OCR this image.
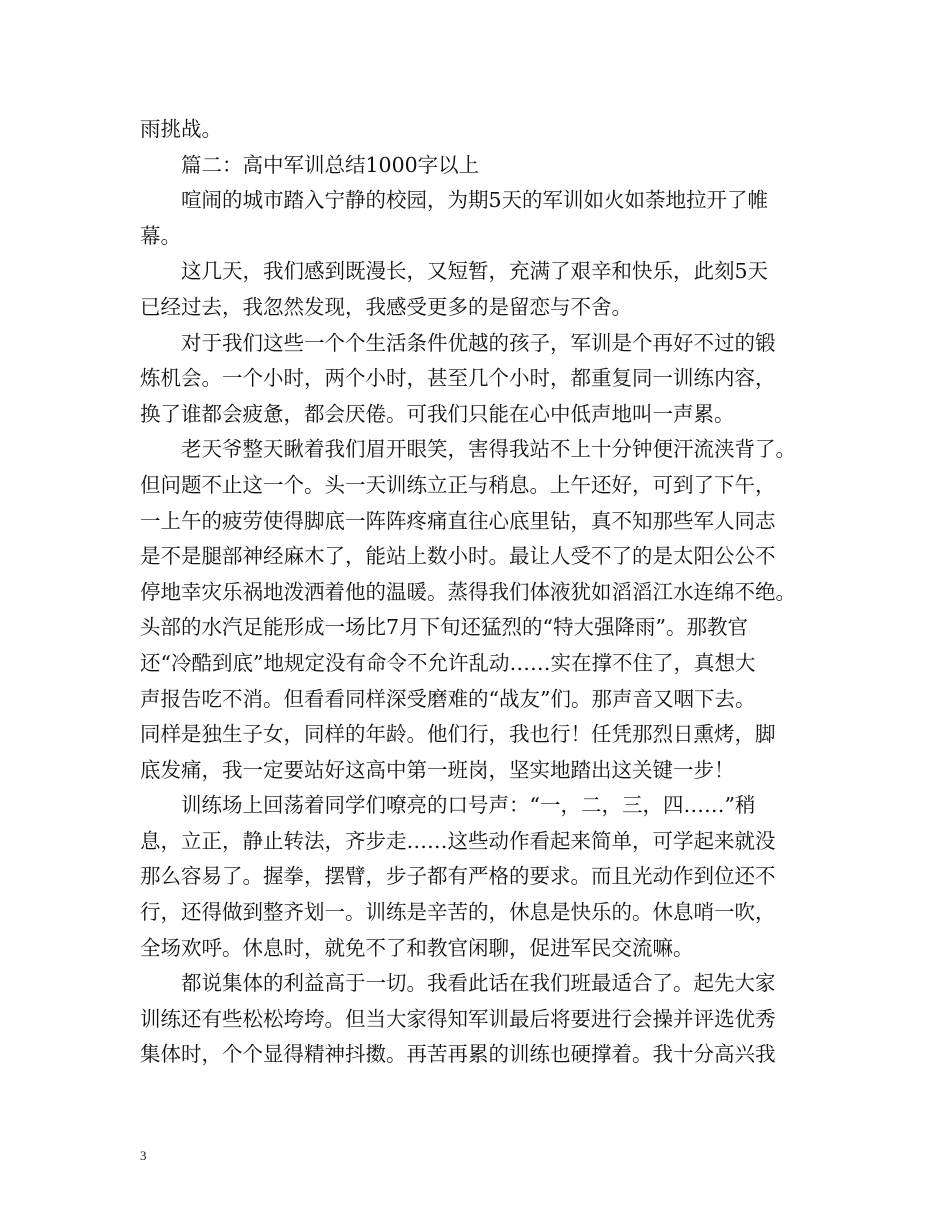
雨挑战。
篇二：高中军训总结1000字以上
喧闹的城市踏入宁静的校园，为期5天的军训如火如荼地拉开了帷
幕。
这几天，我们感到既漫长，又短暂，充满了艰辛和快乐，此刻5天
已经过去，我忽然发现，我感受更多的是留恋与不舍。
对于我们这些一个个生活条件优越的孩子，军训是个再好不过的锻
炼机会。一个小时，两个小时，甚至几个小时，都重复同一训练内容，
换了谁都会疲惫，都会厌倦。可我们只能在心中低声地叫一声累。
老天爷整天瞅着我们眉开眼笑，害得我站不上十分钟便汗流浃背了。
但问题不止这一个。头一天训练立正与稍息。上午还好，可到了下午，
一上午的疲劳使得脚底一阵阵疼痛直往心底里钻，真不知那些军人同志
是不是腿部神经麻木了，能站上数小时。最让人受不了的是太阳公公不
停地幸灾乐祸地泼洒着他的温暖。蒸得我们体液犹如滔滔江水连绵不绝。
头部的水汽足能形成一场比7月下旬还猛烈的“特大强降雨”。那教官
还“冷酷到底”地规定没有命令不允许乱动……实在撑不住了，真想大
声报告吃不消。但看看同样深受磨难的“战友”们。那声音又咽下去。
同样是独生子女，同样的年龄。他们行，我也行！任凭那烈日熏烤，脚
底发痛，我一定要站好这高中第一班岗，坚实地踏出这关键一步！
训练场上回荡着同学们嘹亮的口号声：“一，二，三，四……”稍
息，立正，静止转法，齐步走……这些动作看起来简单，可学起来就没
那么容易了。握拳，摆臂，步子都有严格的要求。而且光动作到位还不
行，还得做到整齐划一。训练是辛苦的，休息是快乐的。休息哨一吹，
全场欢呼。休息时，就免不了和教官闲聊，促进军民交流嘛。
都说集体的利益高于一切。我看此话在我们班最适合了。起先大家
训练还有些松松垮垮。但当大家得知军训最后将要进行会操并评选优秀
集体时，个个显得精神抖擞。再苦再累的训练也硬撑着。我十分高兴我
3
